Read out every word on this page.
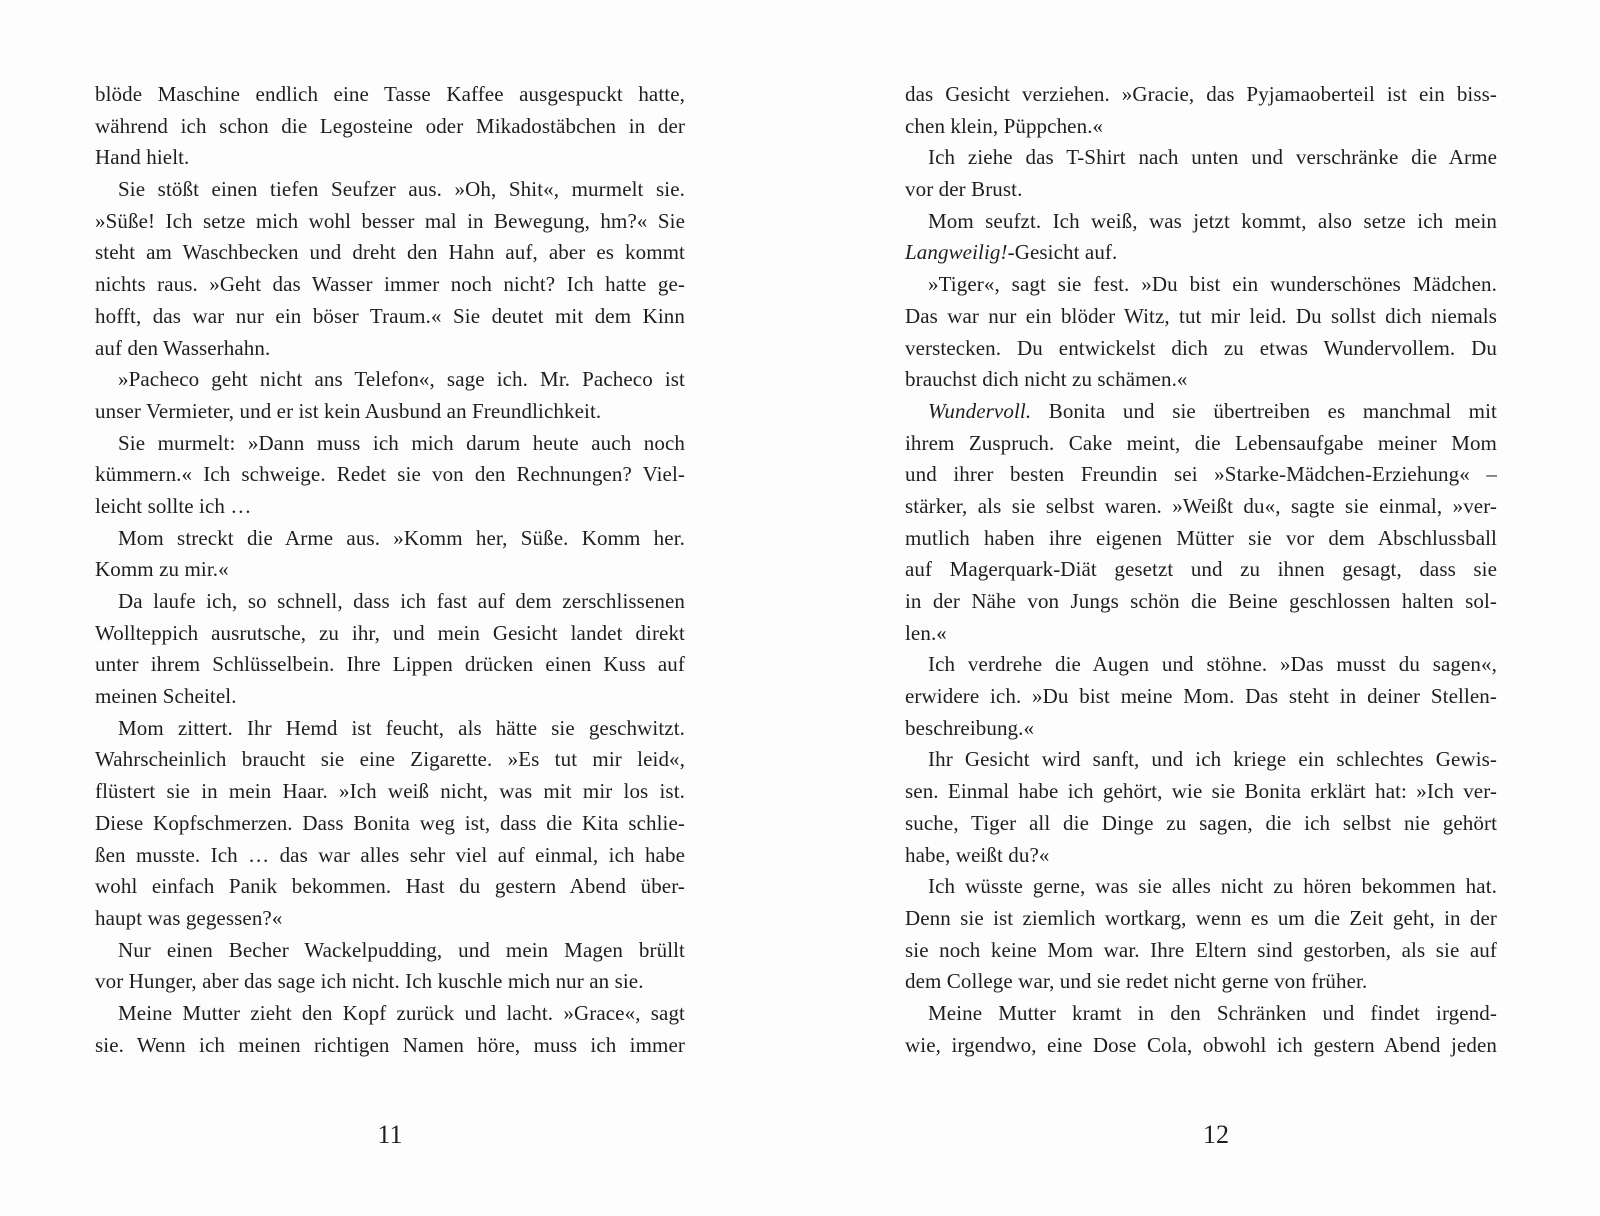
blöde Maschine endlich eine Tasse Kaffee ausgespuckt hatte,
während ich schon die Legosteine oder Mikadostäbchen in der
Hand hielt.
Sie stößt einen tiefen Seufzer aus. »Oh, Shit«, murmelt sie.
»Süße! Ich setze mich wohl besser mal in Bewegung, hm?« Sie
steht am Waschbecken und dreht den Hahn auf, aber es kommt
nichts raus. »Geht das Wasser immer noch nicht? Ich hatte ge-
hofft, das war nur ein böser Traum.« Sie deutet mit dem Kinn
auf den Wasserhahn.
»Pacheco geht nicht ans Telefon«, sage ich. Mr. Pacheco ist
unser Vermieter, und er ist kein Ausbund an Freundlichkeit.
Sie murmelt: »Dann muss ich mich darum heute auch noch
kümmern.« Ich schweige. Redet sie von den Rechnungen? Viel-
leicht sollte ich …
Mom streckt die Arme aus. »Komm her, Süße. Komm her.
Komm zu mir.«
Da laufe ich, so schnell, dass ich fast auf dem zerschlissenen
Wollteppich ausrutsche, zu ihr, und mein Gesicht landet direkt
unter ihrem Schlüsselbein. Ihre Lippen drücken einen Kuss auf
meinen Scheitel.
Mom zittert. Ihr Hemd ist feucht, als hätte sie geschwitzt.
Wahrscheinlich braucht sie eine Zigarette. »Es tut mir leid«,
flüstert sie in mein Haar. »Ich weiß nicht, was mit mir los ist.
Diese Kopfschmerzen. Dass Bonita weg ist, dass die Kita schlie-
ßen musste. Ich … das war alles sehr viel auf einmal, ich habe
wohl einfach Panik bekommen. Hast du gestern Abend über-
haupt was gegessen?«
Nur einen Becher Wackelpudding, und mein Magen brüllt
vor Hunger, aber das sage ich nicht. Ich kuschle mich nur an sie.
Meine Mutter zieht den Kopf zurück und lacht. »Grace«, sagt
sie. Wenn ich meinen richtigen Namen höre, muss ich immer
das Gesicht verziehen. »Gracie, das Pyjamaoberteil ist ein biss-
chen klein, Püppchen.«
Ich ziehe das T-Shirt nach unten und verschränke die Arme
vor der Brust.
Mom seufzt. Ich weiß, was jetzt kommt, also setze ich mein
Langweilig!-Gesicht auf.
»Tiger«, sagt sie fest. »Du bist ein wunderschönes Mädchen.
Das war nur ein blöder Witz, tut mir leid. Du sollst dich niemals
verstecken. Du entwickelst dich zu etwas Wundervollem. Du
brauchst dich nicht zu schämen.«
Wundervoll. Bonita und sie übertreiben es manchmal mit
ihrem Zuspruch. Cake meint, die Lebensaufgabe meiner Mom
und ihrer besten Freundin sei »Starke-Mädchen-Erziehung« –
stärker, als sie selbst waren. »Weißt du«, sagte sie einmal, »ver-
mutlich haben ihre eigenen Mütter sie vor dem Abschlussball
auf Magerquark-Diät gesetzt und zu ihnen gesagt, dass sie
in der Nähe von Jungs schön die Beine geschlossen halten sol-
len.«
Ich verdrehe die Augen und stöhne. »Das musst du sagen«,
erwidere ich. »Du bist meine Mom. Das steht in deiner Stellen-
beschreibung.«
Ihr Gesicht wird sanft, und ich kriege ein schlechtes Gewis-
sen. Einmal habe ich gehört, wie sie Bonita erklärt hat: »Ich ver-
suche, Tiger all die Dinge zu sagen, die ich selbst nie gehört
habe, weißt du?«
Ich wüsste gerne, was sie alles nicht zu hören bekommen hat.
Denn sie ist ziemlich wortkarg, wenn es um die Zeit geht, in der
sie noch keine Mom war. Ihre Eltern sind gestorben, als sie auf
dem College war, und sie redet nicht gerne von früher.
Meine Mutter kramt in den Schränken und findet irgend-
wie, irgendwo, eine Dose Cola, obwohl ich gestern Abend jeden
11	12
